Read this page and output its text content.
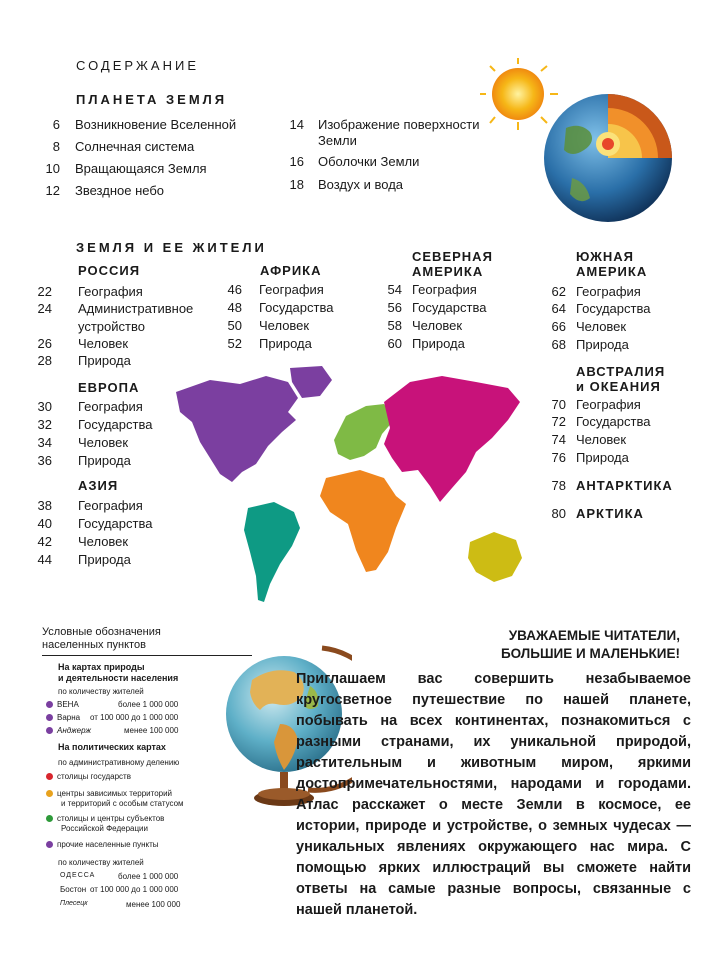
СОДЕРЖАНИЕ
ПЛАНЕТА ЗЕМЛЯ
6 Возникновение Вселенной
8 Солнечная система
10 Вращающаяся Земля
12 Звездное небо
14 Изображение поверхности
Земли
16 Оболочки Земли
18 Воздух и вода
ЗЕМЛЯ И ЕЕ ЖИТЕЛИ
РОССИЯ
22 География
24 Административное
устройство
26 Человек
28 Природа
ЕВРОПА
30 География
32 Государства
34 Человек
36 Природа
АЗИЯ
38 География
40 Государства
42 Человек
44 Природа
АФРИКА
46 География
48 Государства
50 Человек
52 Природа
СЕВЕРНАЯ
АМЕРИКА
54 География
56 Государства
58 Человек
60 Природа
ЮЖНАЯ
АМЕРИКА
62 География
64 Государства
66 Человек
68 Природа
АВСТРАЛИЯ
и ОКЕАНИЯ
70 География
72 Государства
74 Человек
76 Природа
78 АНТАРКТИКА
80 АРКТИКА
Условные обозначения
населенных пунктов
На картах природы
и деятельности населения
по количеству жителей
ВЕНА	более 1 000 000
Варна от 100 000 до 1 000 000
Анджерж	менее 100 000
На политических картах
по административному делению
столицы государств
центры зависимых территорий
и территорий с особым статусом
столицы и центры субъектов
Российской Федерации
прочие населенные пункты
по количеству жителей
ОДЕССА	более 1 000 000
Бостон от 100 000 до 1 000 000
Плесецк	менее 100 000
УВАЖАЕМЫЕ ЧИТАТЕЛИ,
БОЛЬШИЕ И МАЛЕНЬКИЕ!
Приглашаем вас совершить незабываемое кругосветное путешествие по нашей планете, побывать на всех континентах, познакомиться с разными странами, их уникальной природой, растительным и животным миром, яркими достопримечательностями, народами и городами. Атлас расскажет о месте Земли в космосе, ее истории, природе и устройстве, о земных чудесах — уникальных явлениях окружающего нас мира. С помощью ярких иллюстраций вы сможете найти ответы на самые разные вопросы, связанные с нашей планетой.
